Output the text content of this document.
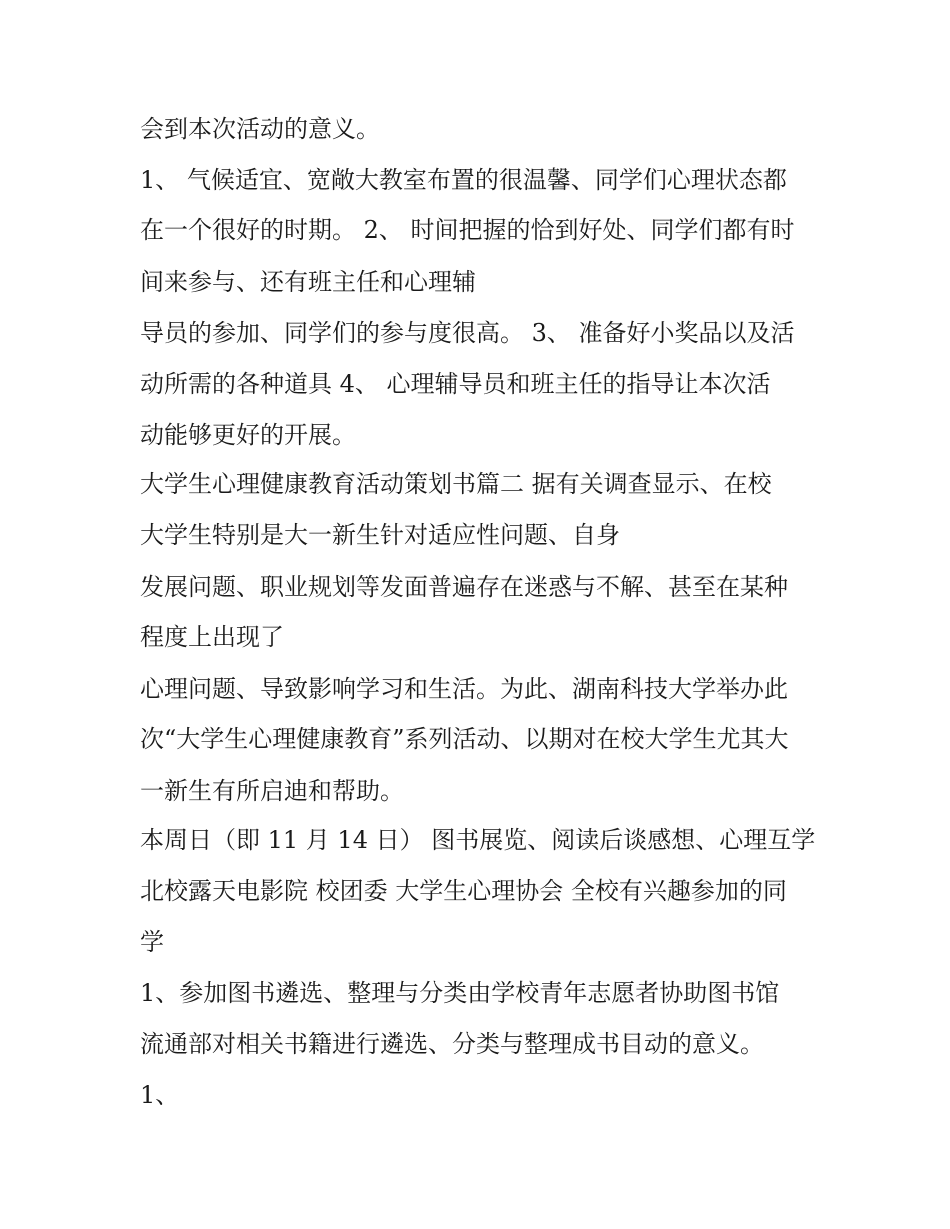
会到本次活动的意义。
1、 气候适宜、宽敞大教室布置的很温馨、同学们心理状态都
在一个很好的时期。 2、 时间把握的恰到好处、同学们都有时
间来参与、还有班主任和心理辅
导员的参加、同学们的参与度很高。 3、 准备好小奖品以及活
动所需的各种道具 4、 心理辅导员和班主任的指导让本次活
动能够更好的开展。
大学生心理健康教育活动策划书篇二 据有关调查显示、在校
大学生特别是大一新生针对适应性问题、自身
发展问题、职业规划等发面普遍存在迷惑与不解、甚至在某种
程度上出现了
心理问题、导致影响学习和生活。为此、湖南科技大学举办此
次“大学生心理健康教育”系列活动、以期对在校大学生尤其大
一新生有所启迪和帮助。
本周日（即 11 月 14 日） 图书展览、阅读后谈感想、心理互学
北校露天电影院 校团委 大学生心理协会 全校有兴趣参加的同
学
1、参加图书遴选、整理与分类由学校青年志愿者协助图书馆
流通部对相关书籍进行遴选、分类与整理成书目动的意义。
1、
